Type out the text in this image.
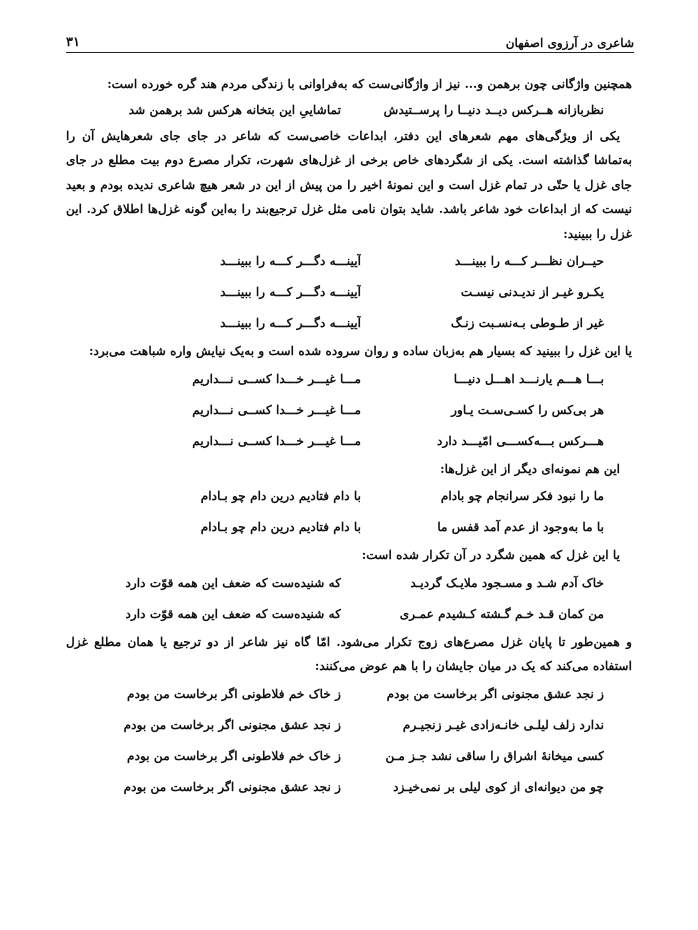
شاعری در آرزوی اصفهان
۳۱

همچنین واژگانی چون برهمن و... نیز از واژگانی‌ست که به‌فراوانی با زندگی مردم هند گره خورده است:

نظربازانه هــرکس دیــد دنیــا را پرســتیدش
تماشاییِ این بتخانه هرکس شد برهمن شد

یکی از ویژگی‌های مهم شعرهای این دفتر، ابداعات خاصی‌ست که شاعر در جای جای شعرهایش آن را به‌تماشا گذاشته است. یکی از شگردهای خاص برخی از غزل‌های شهرت، تکرار مصرع دوم بیت مطلع در جای جای غزل یا حتّی در تمام غزل است و این نمونهٔ اخیر را من پیش از این در شعر هیچ شاعری ندیده بودم و بعید نیست که از ابداعات خود شاعر باشد. شاید بتوان نامی مثل غزل ترجیع‌بند را به‌این گونه غزل‌ها اطلاق کرد. این غزل را ببینید:

حیــران نظـــر کـــه را ببینـــد
آیینـــه دگـــر کـــه را ببینـــد
یکـرو غیـر از ندیـدنی نیسـت
آیینـــه دگـــر کـــه را ببینـــد
غیر از طـوطی بـه‌نسـبت زنـگ
آیینـــه دگـــر کـــه را ببینـــد

یا این غزل را ببینید که بسیار هم به‌زبان ساده و روان سروده شده است و به‌یک نیایش واره شباهت می‌برد:

بـــا هـــم یارنـــد اهـــل دنیـــا
مـــا غیـــر خـــدا کســی نـــداریم
هر بی‌کس را کسـی‌سـت یـاور
مـــا غیـــر خـــدا کســی نـــداریم
هـــرکس بـــه‌کســـی امّیـــد دارد
مـــا غیـــر خـــدا کســی نـــداریم

این هم نمونه‌ای دیگر از این غزل‌ها:

ما را نبود فکر سرانجام چو بادام
با دام فتادیم درین دام چو بـادام
با ما به‌وجود از عدم آمد قفس ما
با دام فتادیم درین دام چو بـادام

یا این غزل که همین شگرد در آن تکرار شده است:

خاک آدم شـد و مسـجود ملایـک گردیـد
که شنیده‌ست که ضعف این همه قوّت دارد
من کمان قـد خـم گـشته کـشیدم عمـری
که شنیده‌ست که ضعف این همه قوّت دارد

و همین‌طور تا پایان غزل مصرع‌های زوج تکرار می‌شود. امّا گاه نیز شاعر از دو ترجیع یا همان مطلع غزل استفاده می‌کند که یک در میان جایشان را با هم عوض می‌کنند:

ز نجد عشق مجنونی اگر برخاست من بودم
ز خاک خم فلاطونی اگر برخاست من بودم
ندارد زلف لیلـی خانـه‌زادی غیـر زنجیـرم
ز نجد عشق مجنونی اگر برخاست من بودم
کسی میخانهٔ اشراق را ساقی نشد جـز مـن
ز خاک خم فلاطونی اگر برخاست من بودم
چو من دیوانه‌ای از کوی لیلی بر نمی‌خیـزد
ز نجد عشق مجنونی اگر برخاست من بودم
